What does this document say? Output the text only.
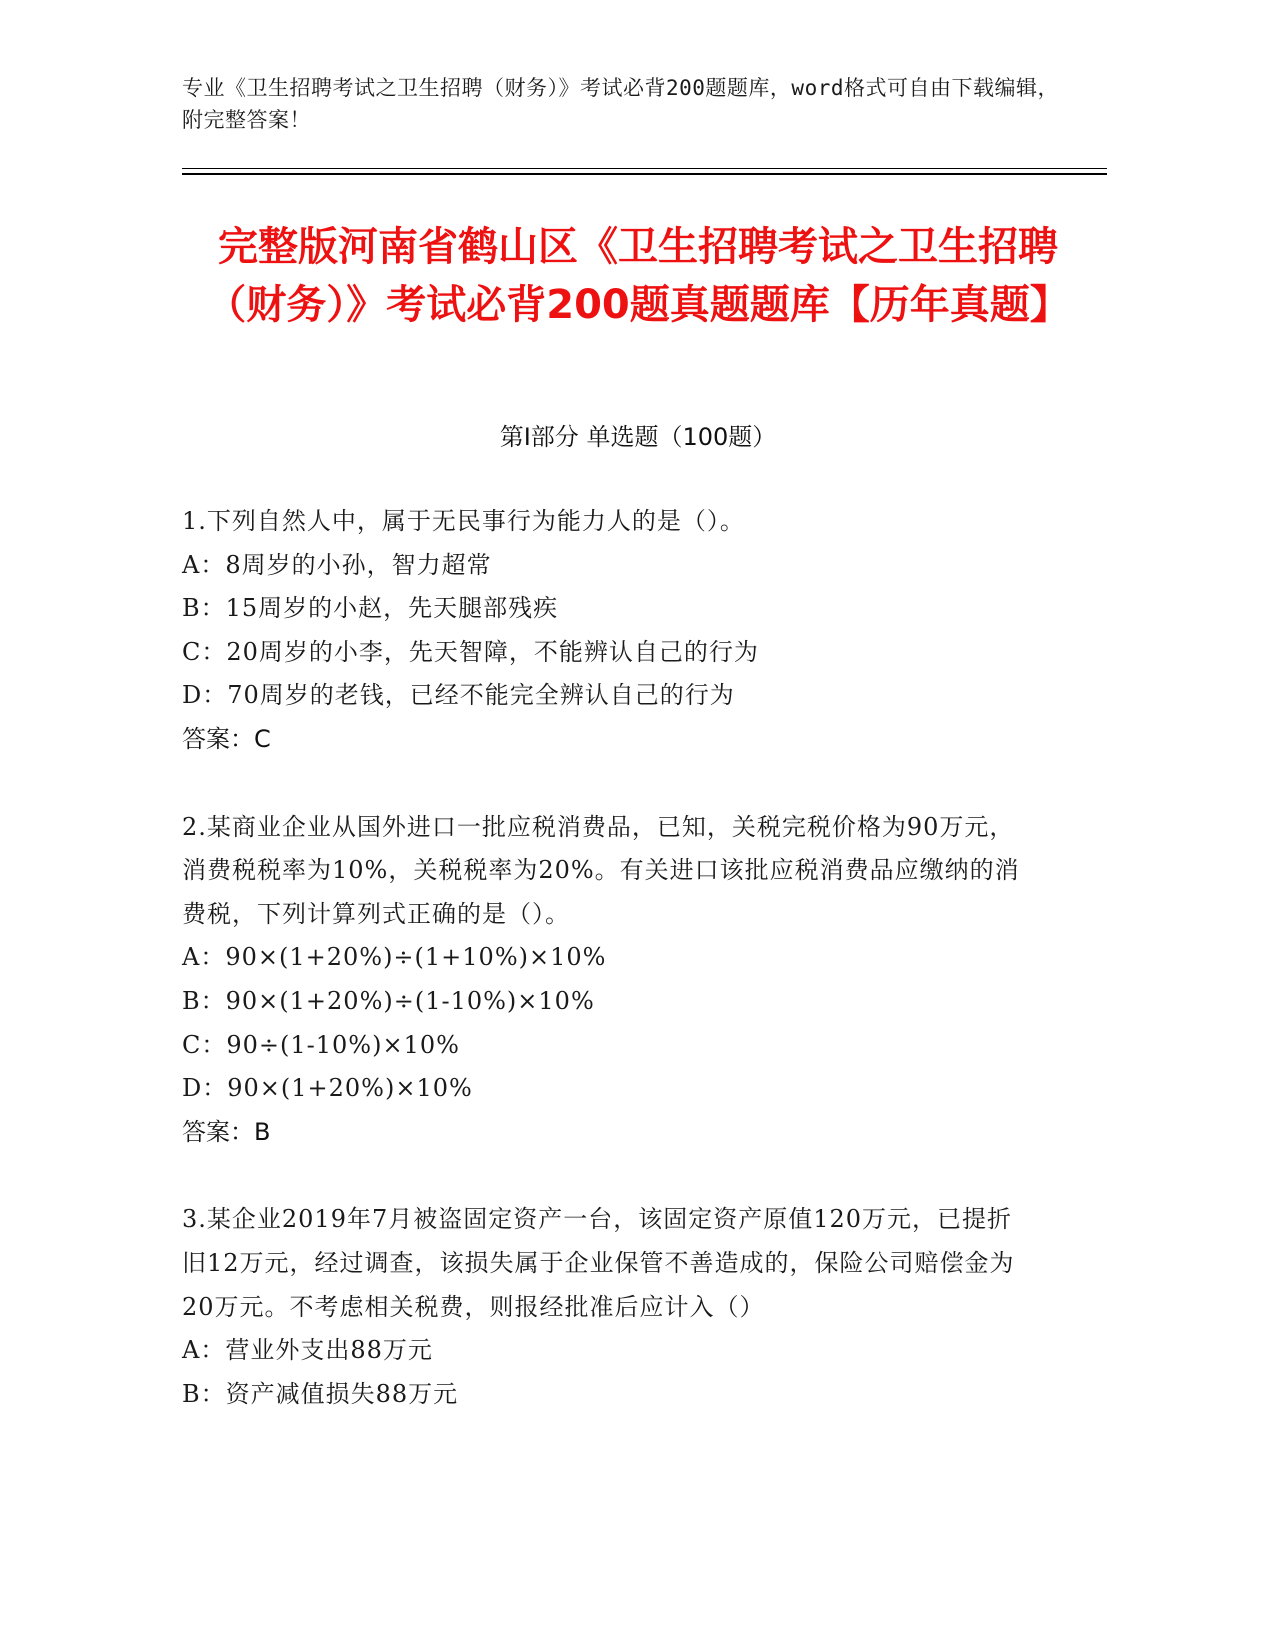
专业《卫生招聘考试之卫生招聘（财务）》考试必背200题题库，word格式可自由下载编辑，附完整答案！
完整版河南省鹤山区《卫生招聘考试之卫生招聘（财务）》考试必背200题真题题库【历年真题】
第I部分 单选题（100题）
1.下列自然人中，属于无民事行为能力人的是（）。
A：8周岁的小孙，智力超常
B：15周岁的小赵，先天腿部残疾
C：20周岁的小李，先天智障，不能辨认自己的行为
D：70周岁的老钱，已经不能完全辨认自己的行为
答案：C
2.某商业企业从国外进口一批应税消费品，已知，关税完税价格为90万元，消费税税率为10%，关税税率为20%。有关进口该批应税消费品应缴纳的消费税，下列计算列式正确的是（）。
A：90×(1+20%)÷(1+10%)×10%
B：90×(1+20%)÷(1-10%)×10%
C：90÷(1-10%)×10%
D：90×(1+20%)×10%
答案：B
3.某企业2019年7月被盗固定资产一台，该固定资产原值120万元，已提折旧12万元，经过调查，该损失属于企业保管不善造成的，保险公司赔偿金为20万元。不考虑相关税费，则报经批准后应计入（）
A：营业外支出88万元
B：资产减值损失88万元
